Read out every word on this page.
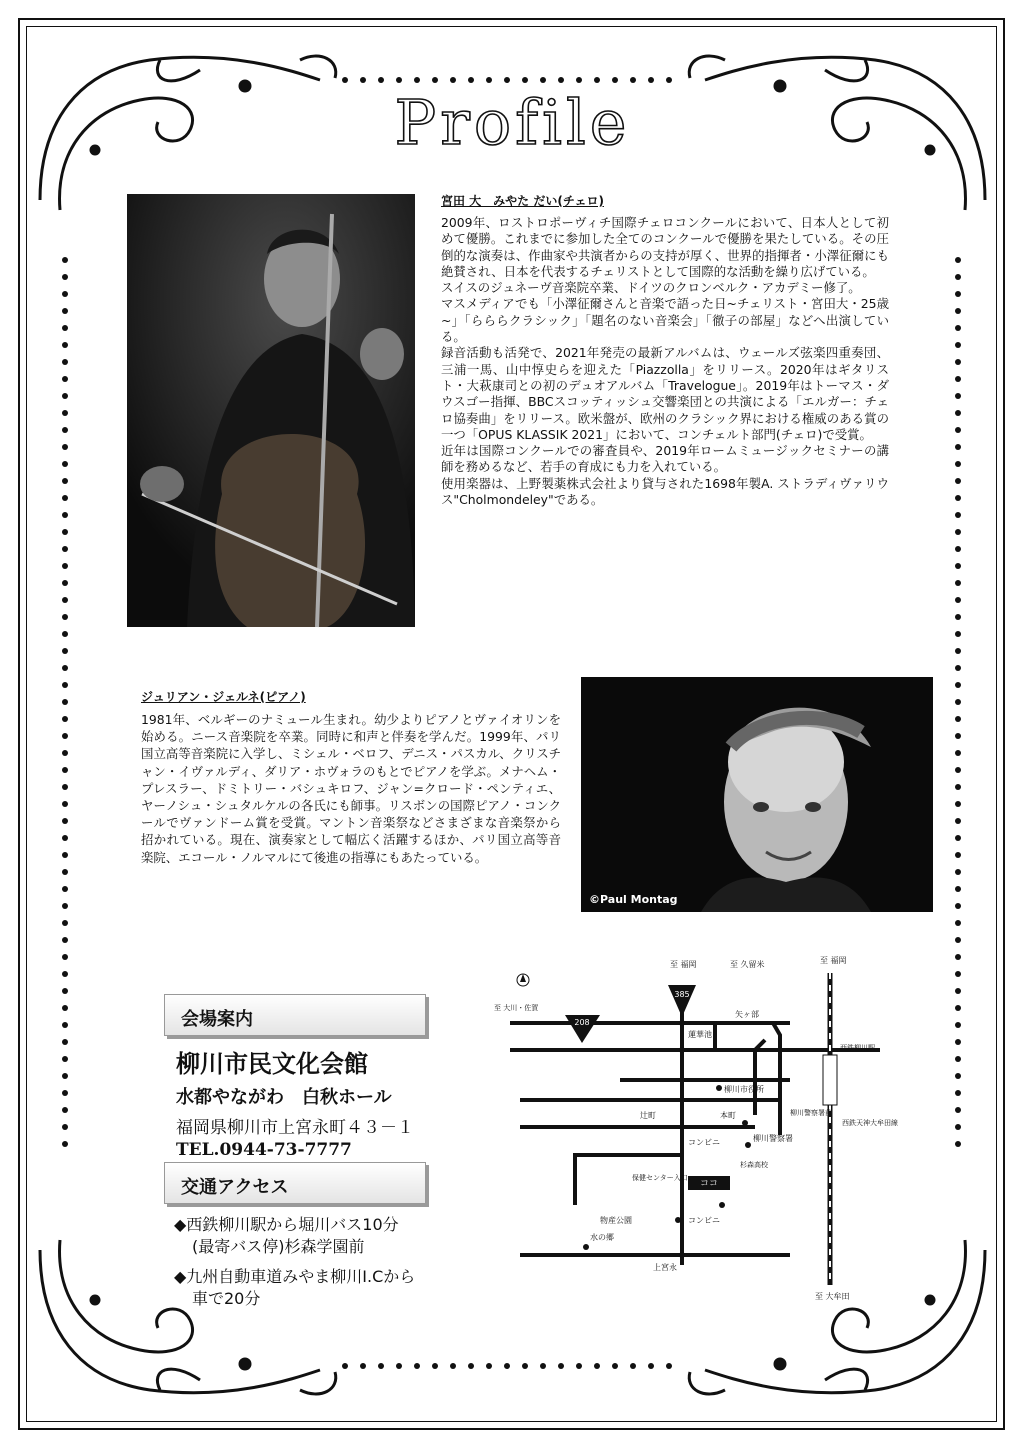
Profile

宮田 大　みやた だい(チェロ)

2009年、ロストロポーヴィチ国際チェロコンクールにおいて、日本人として初めて優勝。これまでに参加した全てのコンクールで優勝を果たしている。その圧倒的な演奏は、作曲家や共演者からの支持が厚く、世界的指揮者・小澤征爾にも絶賛され、日本を代表するチェリストとして国際的な活動を繰り広げている。
スイスのジュネーヴ音楽院卒業、ドイツのクロンベルク・アカデミー修了。
マスメディアでも「小澤征爾さんと音楽で語った日~チェリスト・宮田大・25歳~」「らららクラシック」「題名のない音楽会」「徹子の部屋」などへ出演している。
録音活動も活発で、2021年発売の最新アルバムは、ウェールズ弦楽四重奏団、三浦一馬、山中惇史らを迎えた「Piazzolla」をリリース。2020年はギタリスト・大萩康司との初のデュオアルバム「Travelogue」。2019年はトーマス・ダウスゴー指揮、BBCスコッティッシュ交響楽団との共演による「エルガー：チェロ協奏曲」をリリース。欧米盤が、欧州のクラシック界における権威のある賞の一つ「OPUS KLASSIK 2021」において、コンチェルト部門(チェロ)で受賞。
近年は国際コンクールでの審査員や、2019年ロームミュージックセミナーの講師を務めるなど、若手の育成にも力を入れている。
使用楽器は、上野製薬株式会社より貸与された1698年製A. ストラディヴァリウス"Cholmondeley"である。

ジュリアン・ジェルネ(ピアノ)

1981年、ベルギーのナミュール生まれ。幼少よりピアノとヴァイオリンを始める。ニース音楽院を卒業。同時に和声と伴奏を学んだ。1999年、パリ国立高等音楽院に入学し、ミシェル・ベロフ、デニス・パスカル、クリスチャン・イヴァルディ、ダリア・ホヴォラのもとでピアノを学ぶ。メナヘム・プレスラー、ドミトリー・バシュキロフ、ジャン=クロード・ペンティエ、ヤーノシュ・シュタルケルの各氏にも師事。リスボンの国際ピアノ・コンクールでヴァンドーム賞を受賞。マントン音楽祭などさまざまな音楽祭から招かれている。現在、演奏家として幅広く活躍するほか、パリ国立高等音楽院、エコール・ノルマルにて後進の指導にもあたっている。

©Paul Montag
会場案内
柳川市民文化会館
水都やながわ　白秋ホール
福岡県柳川市上宮永町４３－１
TEL.0944-73-7777
交通アクセス
◆西鉄柳川駅から堀川バス10分
(最寄バス停)杉森学園前
◆九州自動車道みやま柳川I.Cから
車で20分
385
208
ココ
至 福岡	至 久留米	至 福岡
至 大川・佐賀
矢ヶ部
蓮華池
柳川市役所
西鉄柳川駅
柳川警察署前
辻町	本町
柳川警察署
コンビニ
杉森高校
保健センター入口
物産公園	コンビニ
水の郷
上宮永
西鉄天神大牟田線
至 大牟田
